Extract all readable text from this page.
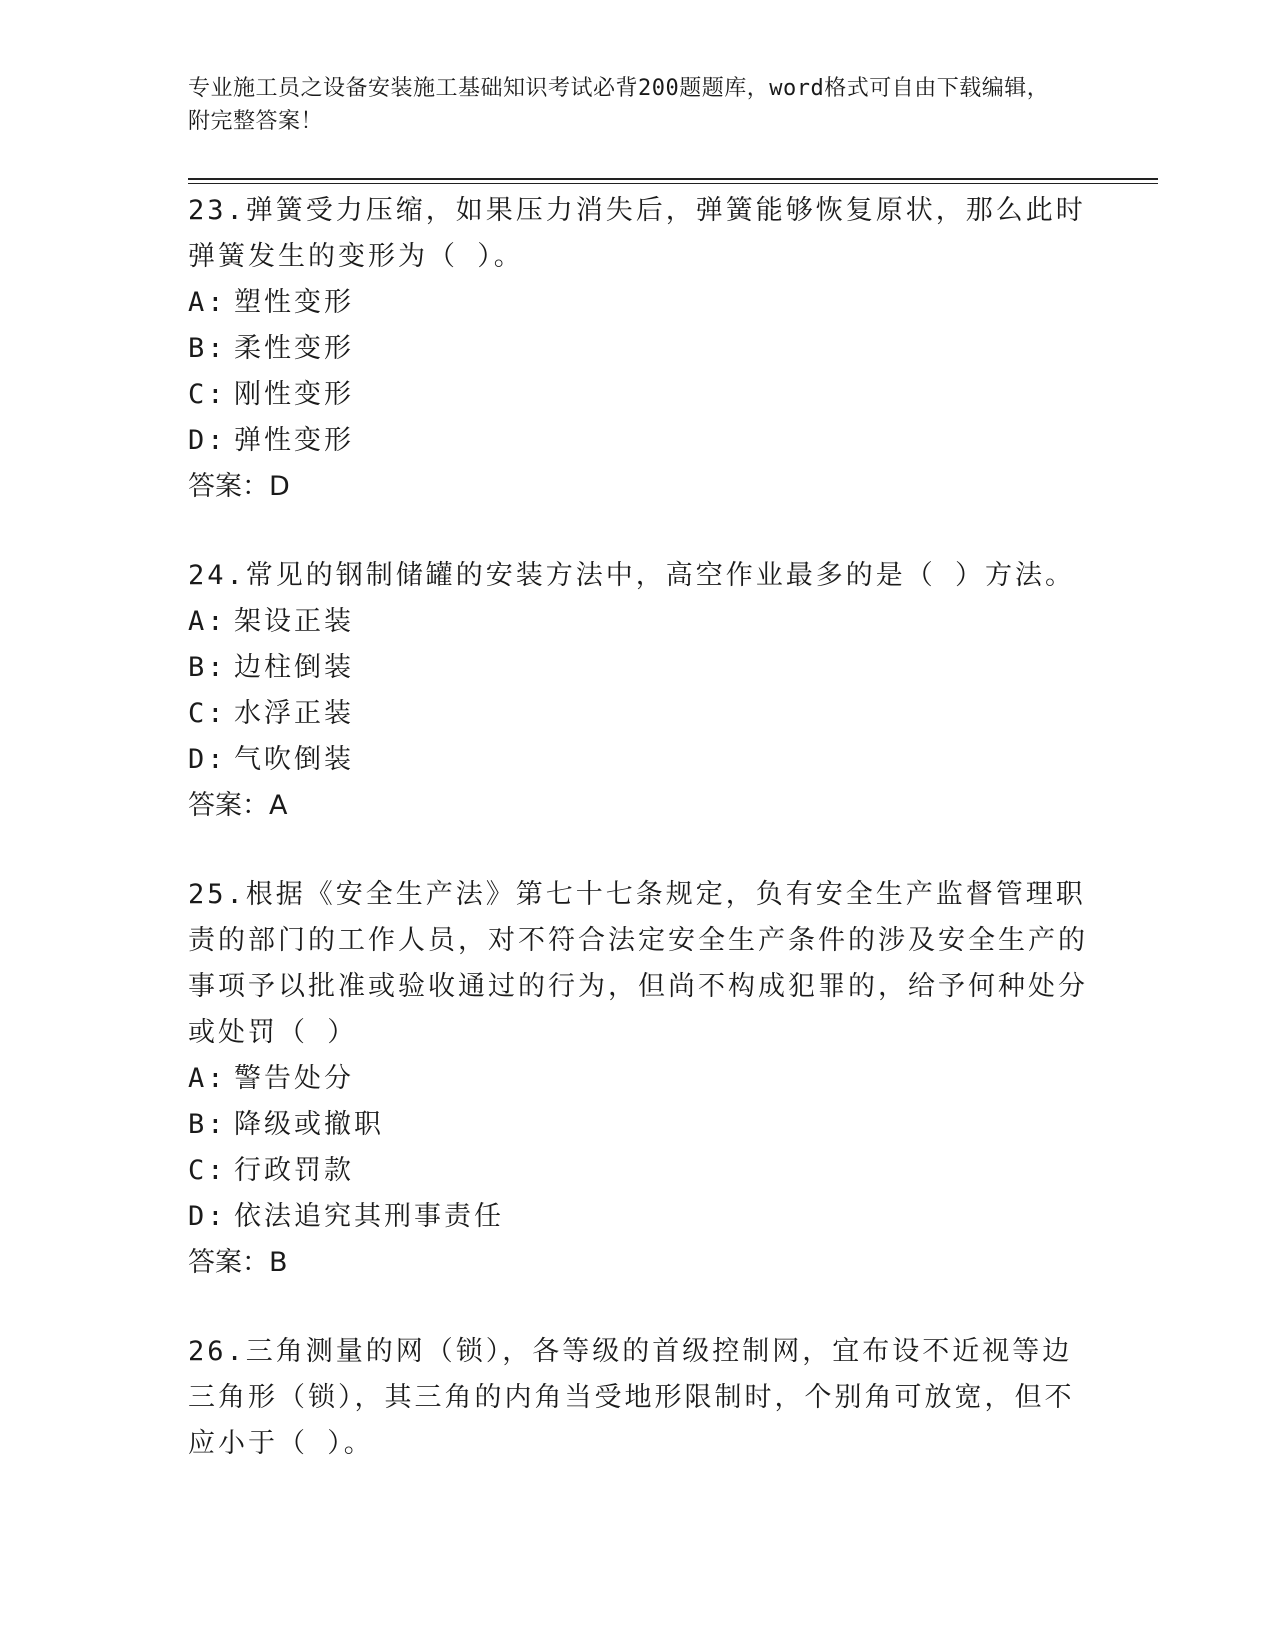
专业施工员之设备安装施工基础知识考试必背200题题库，word格式可自由下载编辑，附完整答案！

23.弹簧受力压缩，如果压力消失后，弹簧能够恢复原状，那么此时弹簧发生的变形为（ ）。

A: 塑性变形

B: 柔性变形

C: 刚性变形

D: 弹性变形

答案：D

24.常见的钢制储罐的安装方法中，高空作业最多的是（ ）方法。

A: 架设正装

B: 边柱倒装

C: 水浮正装

D: 气吹倒装

答案：A

25.根据《安全生产法》第七十七条规定，负有安全生产监督管理职责的部门的工作人员，对不符合法定安全生产条件的涉及安全生产的事项予以批准或验收通过的行为，但尚不构成犯罪的，给予何种处分或处罚（ ）

A: 警告处分

B: 降级或撤职

C: 行政罚款

D: 依法追究其刑事责任

答案：B

26.三角测量的网（锁），各等级的首级控制网，宜布设不近视等边三角形（锁），其三角的内角当受地形限制时，个别角可放宽，但不应小于（ ）。
